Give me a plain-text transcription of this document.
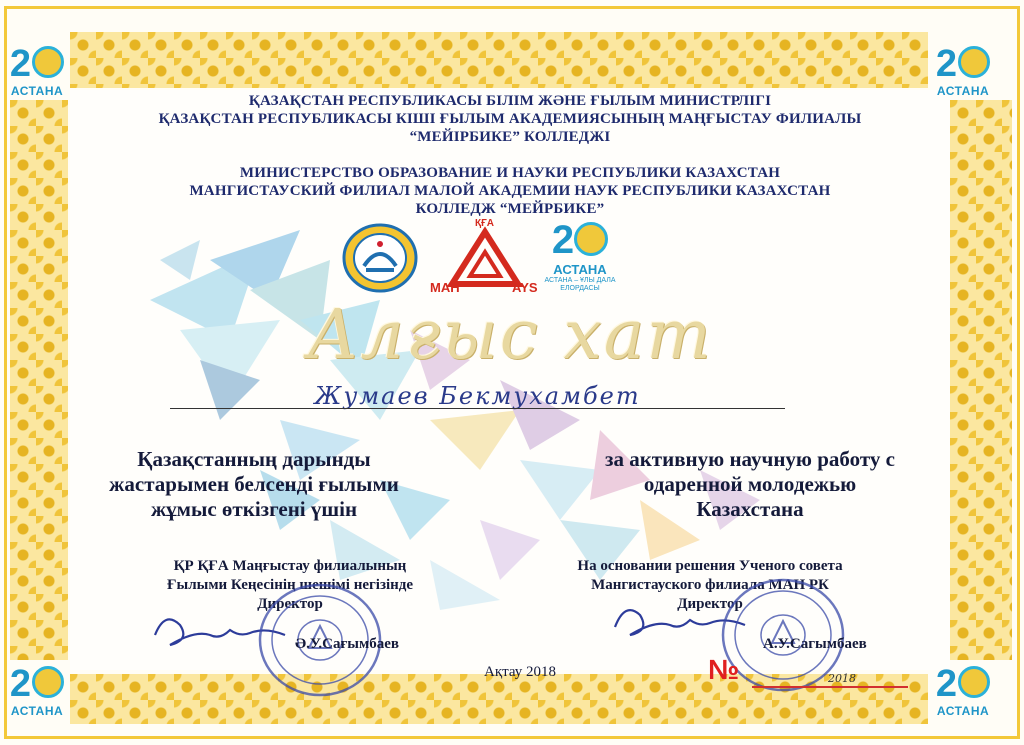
2
АСТАНА
2
АСТАНА
2
АСТАНА
2
АСТАНА
ҚАЗАҚСТАН РЕСПУБЛИКАСЫ БІЛІМ ЖӘНЕ ҒЫЛЫМ МИНИСТРЛІГІ
ҚАЗАҚСТАН РЕСПУБЛИКАСЫ КІШІ ҒЫЛЫМ АКАДЕМИЯСЫНЫҢ МАҢҒЫСТАУ ФИЛИАЛЫ
“МЕЙІРБИКЕ” КОЛЛЕДЖІ
МИНИСТЕРСТВО ОБРАЗОВАНИЕ И НАУКИ РЕСПУБЛИКИ КАЗАХСТАН
МАНГИСТАУСКИЙ ФИЛИАЛ МАЛОЙ АКАДЕМИИ НАУК РЕСПУБЛИКИ КАЗАХСТАН
КОЛЛЕДЖ “МЕЙРБИКЕ”
ҚҒА
МАН	AYS
2
АСТАНА
АСТАНА – ҰЛЫ ДАЛА
ЕЛОРДАСЫ
Алғыс хат
Жумаев Бекмухамбет
Қазақстанның дарынды
жастарымен белсенді ғылыми
жұмыс өткізгені үшін
за активную научную работу с
одаренной молодежью
Казахстана
ҚР ҚҒА Маңғыстау филиалының
Ғылыми Кеңесінің шешімі негізінде
Директор
На основании решения Ученого совета
Мангистауского филиала МАН РК
Директор
Ә.У.Сағымбаев	А.У.Сагымбаев
Ақтау 2018	№	2018
